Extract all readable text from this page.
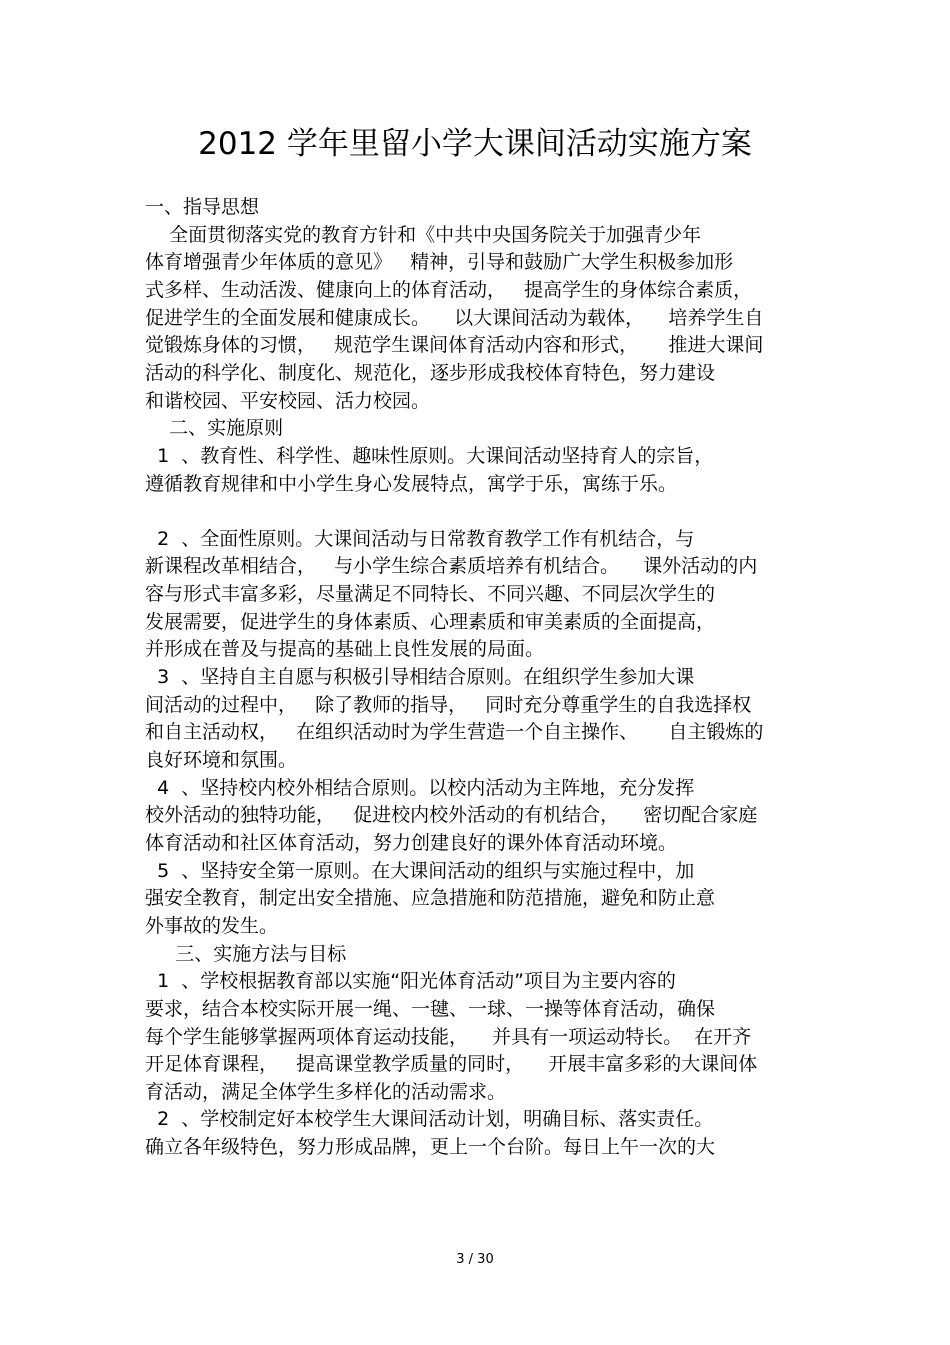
2012 学年里留小学大课间活动实施方案
一、指导思想
全面贯彻落实党的教育方针和《中共中央国务院关于加强青少年
体育增强青少年体质的意见》   精神，引导和鼓励广大学生积极参加形
式多样、生动活泼、健康向上的体育活动，   提高学生的身体综合素质，
促进学生的全面发展和健康成长。    以大课间活动为载体，    培养学生自
觉锻炼身体的习惯，   规范学生课间体育活动内容和形式，     推进大课间
活动的科学化、制度化、规范化，逐步形成我校体育特色，努力建设
和谐校园、平安校园、活力校园。
二、实施原则
1  、教育性、科学性、趣味性原则。大课间活动坚持育人的宗旨，
遵循教育规律和中小学生身心发展特点，寓学于乐，寓练于乐。
2  、全面性原则。大课间活动与日常教育教学工作有机结合，与
新课程改革相结合，   与小学生综合素质培养有机结合。    课外活动的内
容与形式丰富多彩，尽量满足不同特长、不同兴趣、不同层次学生的
发展需要，促进学生的身体素质、心理素质和审美素质的全面提高，
并形成在普及与提高的基础上良性发展的局面。
3  、坚持自主自愿与积极引导相结合原则。在组织学生参加大课
间活动的过程中，   除了教师的指导，   同时充分尊重学生的自我选择权
和自主活动权，   在组织活动时为学生营造一个自主操作、     自主锻炼的
良好环境和氛围。
4  、坚持校内校外相结合原则。以校内活动为主阵地，充分发挥
校外活动的独特功能，   促进校内校外活动的有机结合，    密切配合家庭
体育活动和社区体育活动，努力创建良好的课外体育活动环境。
5  、坚持安全第一原则。在大课间活动的组织与实施过程中，加
强安全教育，制定出安全措施、应急措施和防范措施，避免和防止意
外事故的发生。
三、实施方法与目标
1  、学校根据教育部以实施“阳光体育活动”项目为主要内容的
要求，结合本校实际开展一绳、一毽、一球、一操等体育活动，确保
每个学生能够掌握两项体育运动技能，    并具有一项运动特长。  在开齐
开足体育课程，   提高课堂教学质量的同时，    开展丰富多彩的大课间体
育活动，满足全体学生多样化的活动需求。
2  、学校制定好本校学生大课间活动计划，明确目标、落实责任。
确立各年级特色，努力形成品牌，更上一个台阶。每日上午一次的大
3 / 30
